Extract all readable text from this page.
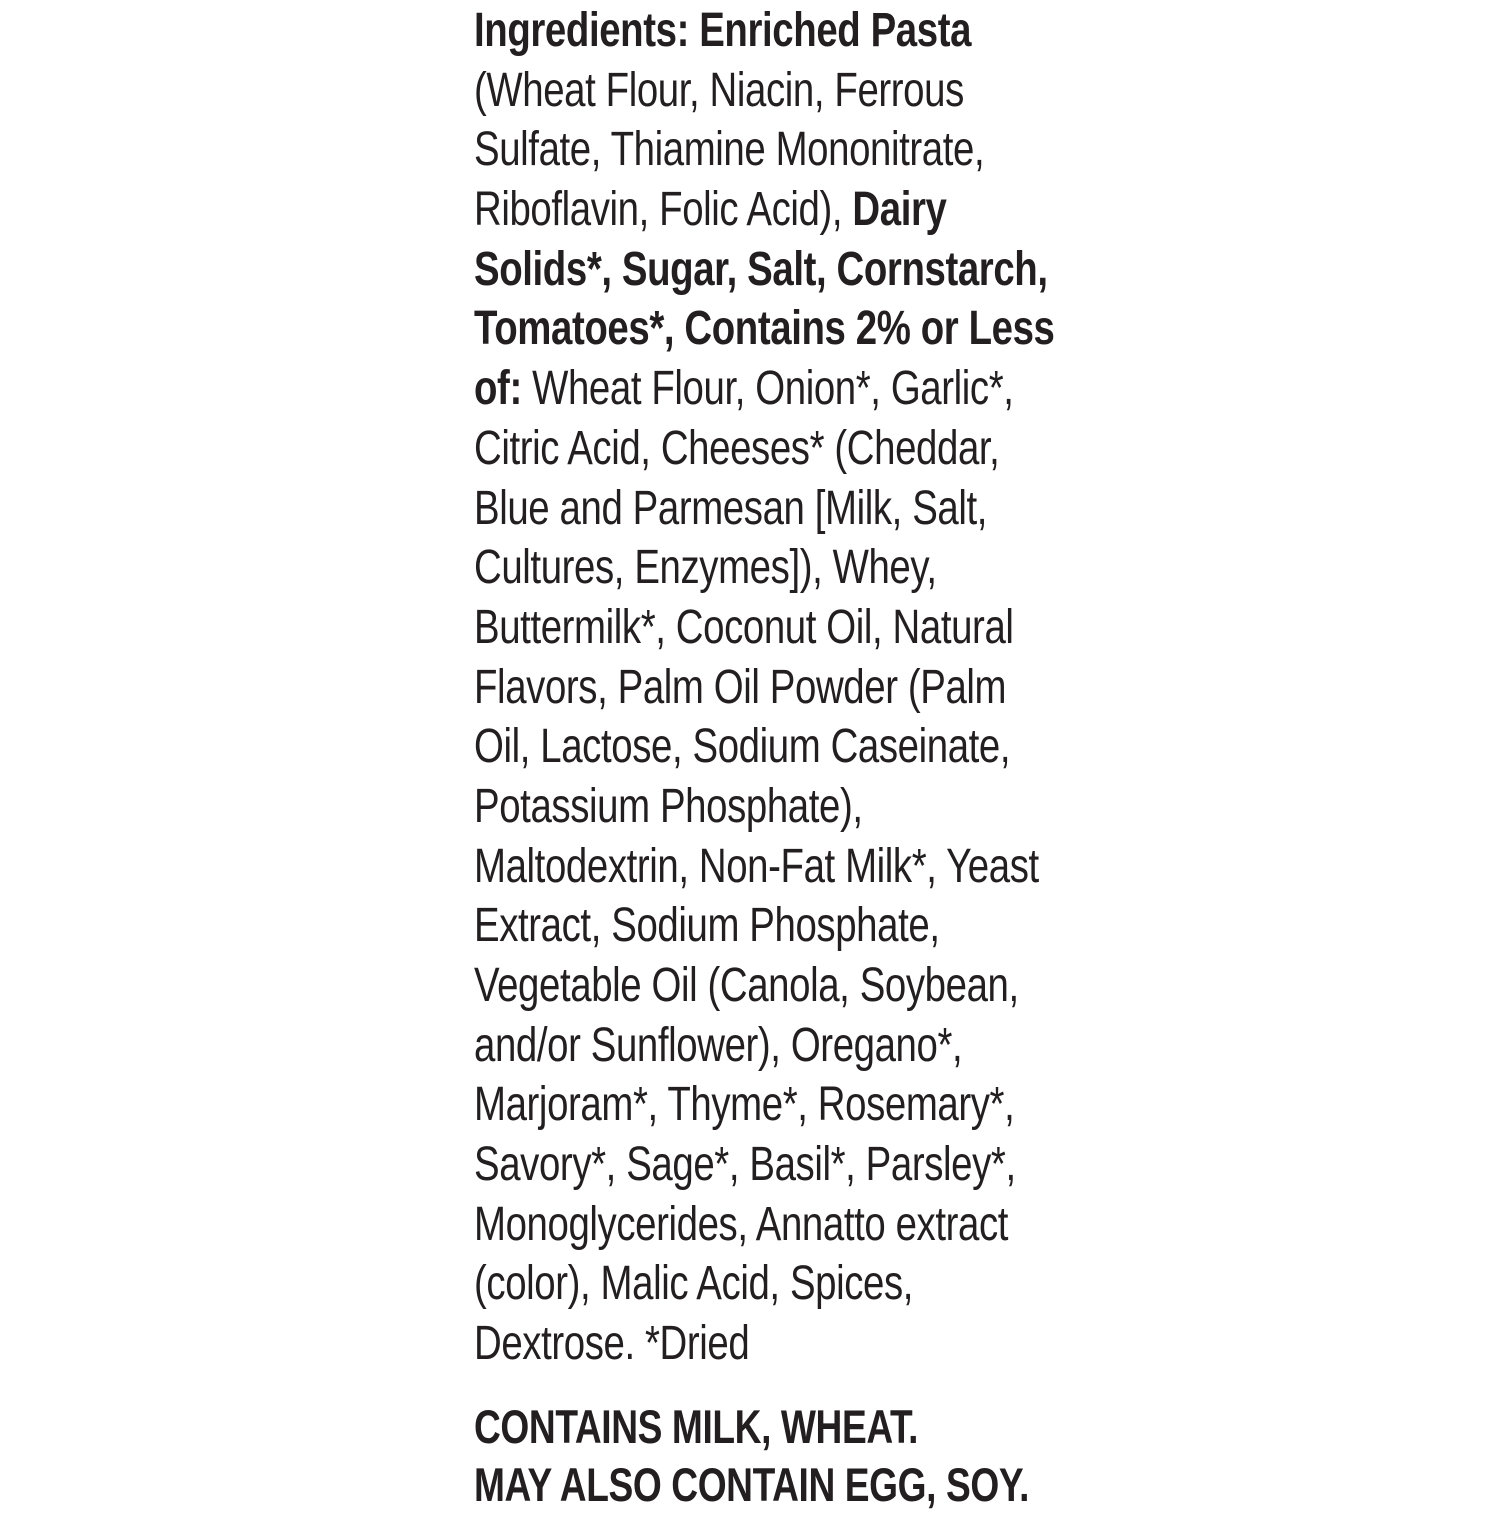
Ingredients: Enriched Pasta
(Wheat Flour, Niacin, Ferrous
Sulfate, Thiamine Mononitrate,
Riboflavin, Folic Acid), Dairy
Solids*, Sugar, Salt, Cornstarch,
Tomatoes*, Contains 2% or Less
of: Wheat Flour, Onion*, Garlic*,
Citric Acid, Cheeses* (Cheddar,
Blue and Parmesan [Milk, Salt,
Cultures, Enzymes]), Whey,
Buttermilk*, Coconut Oil, Natural
Flavors, Palm Oil Powder (Palm
Oil, Lactose, Sodium Caseinate,
Potassium Phosphate),
Maltodextrin, Non-Fat Milk*, Yeast
Extract, Sodium Phosphate,
Vegetable Oil (Canola, Soybean,
and/or Sunflower), Oregano*,
Marjoram*, Thyme*, Rosemary*,
Savory*, Sage*, Basil*, Parsley*,
Monoglycerides, Annatto extract
(color), Malic Acid, Spices,
Dextrose. *Dried
CONTAINS MILK, WHEAT.
MAY ALSO CONTAIN EGG, SOY.
